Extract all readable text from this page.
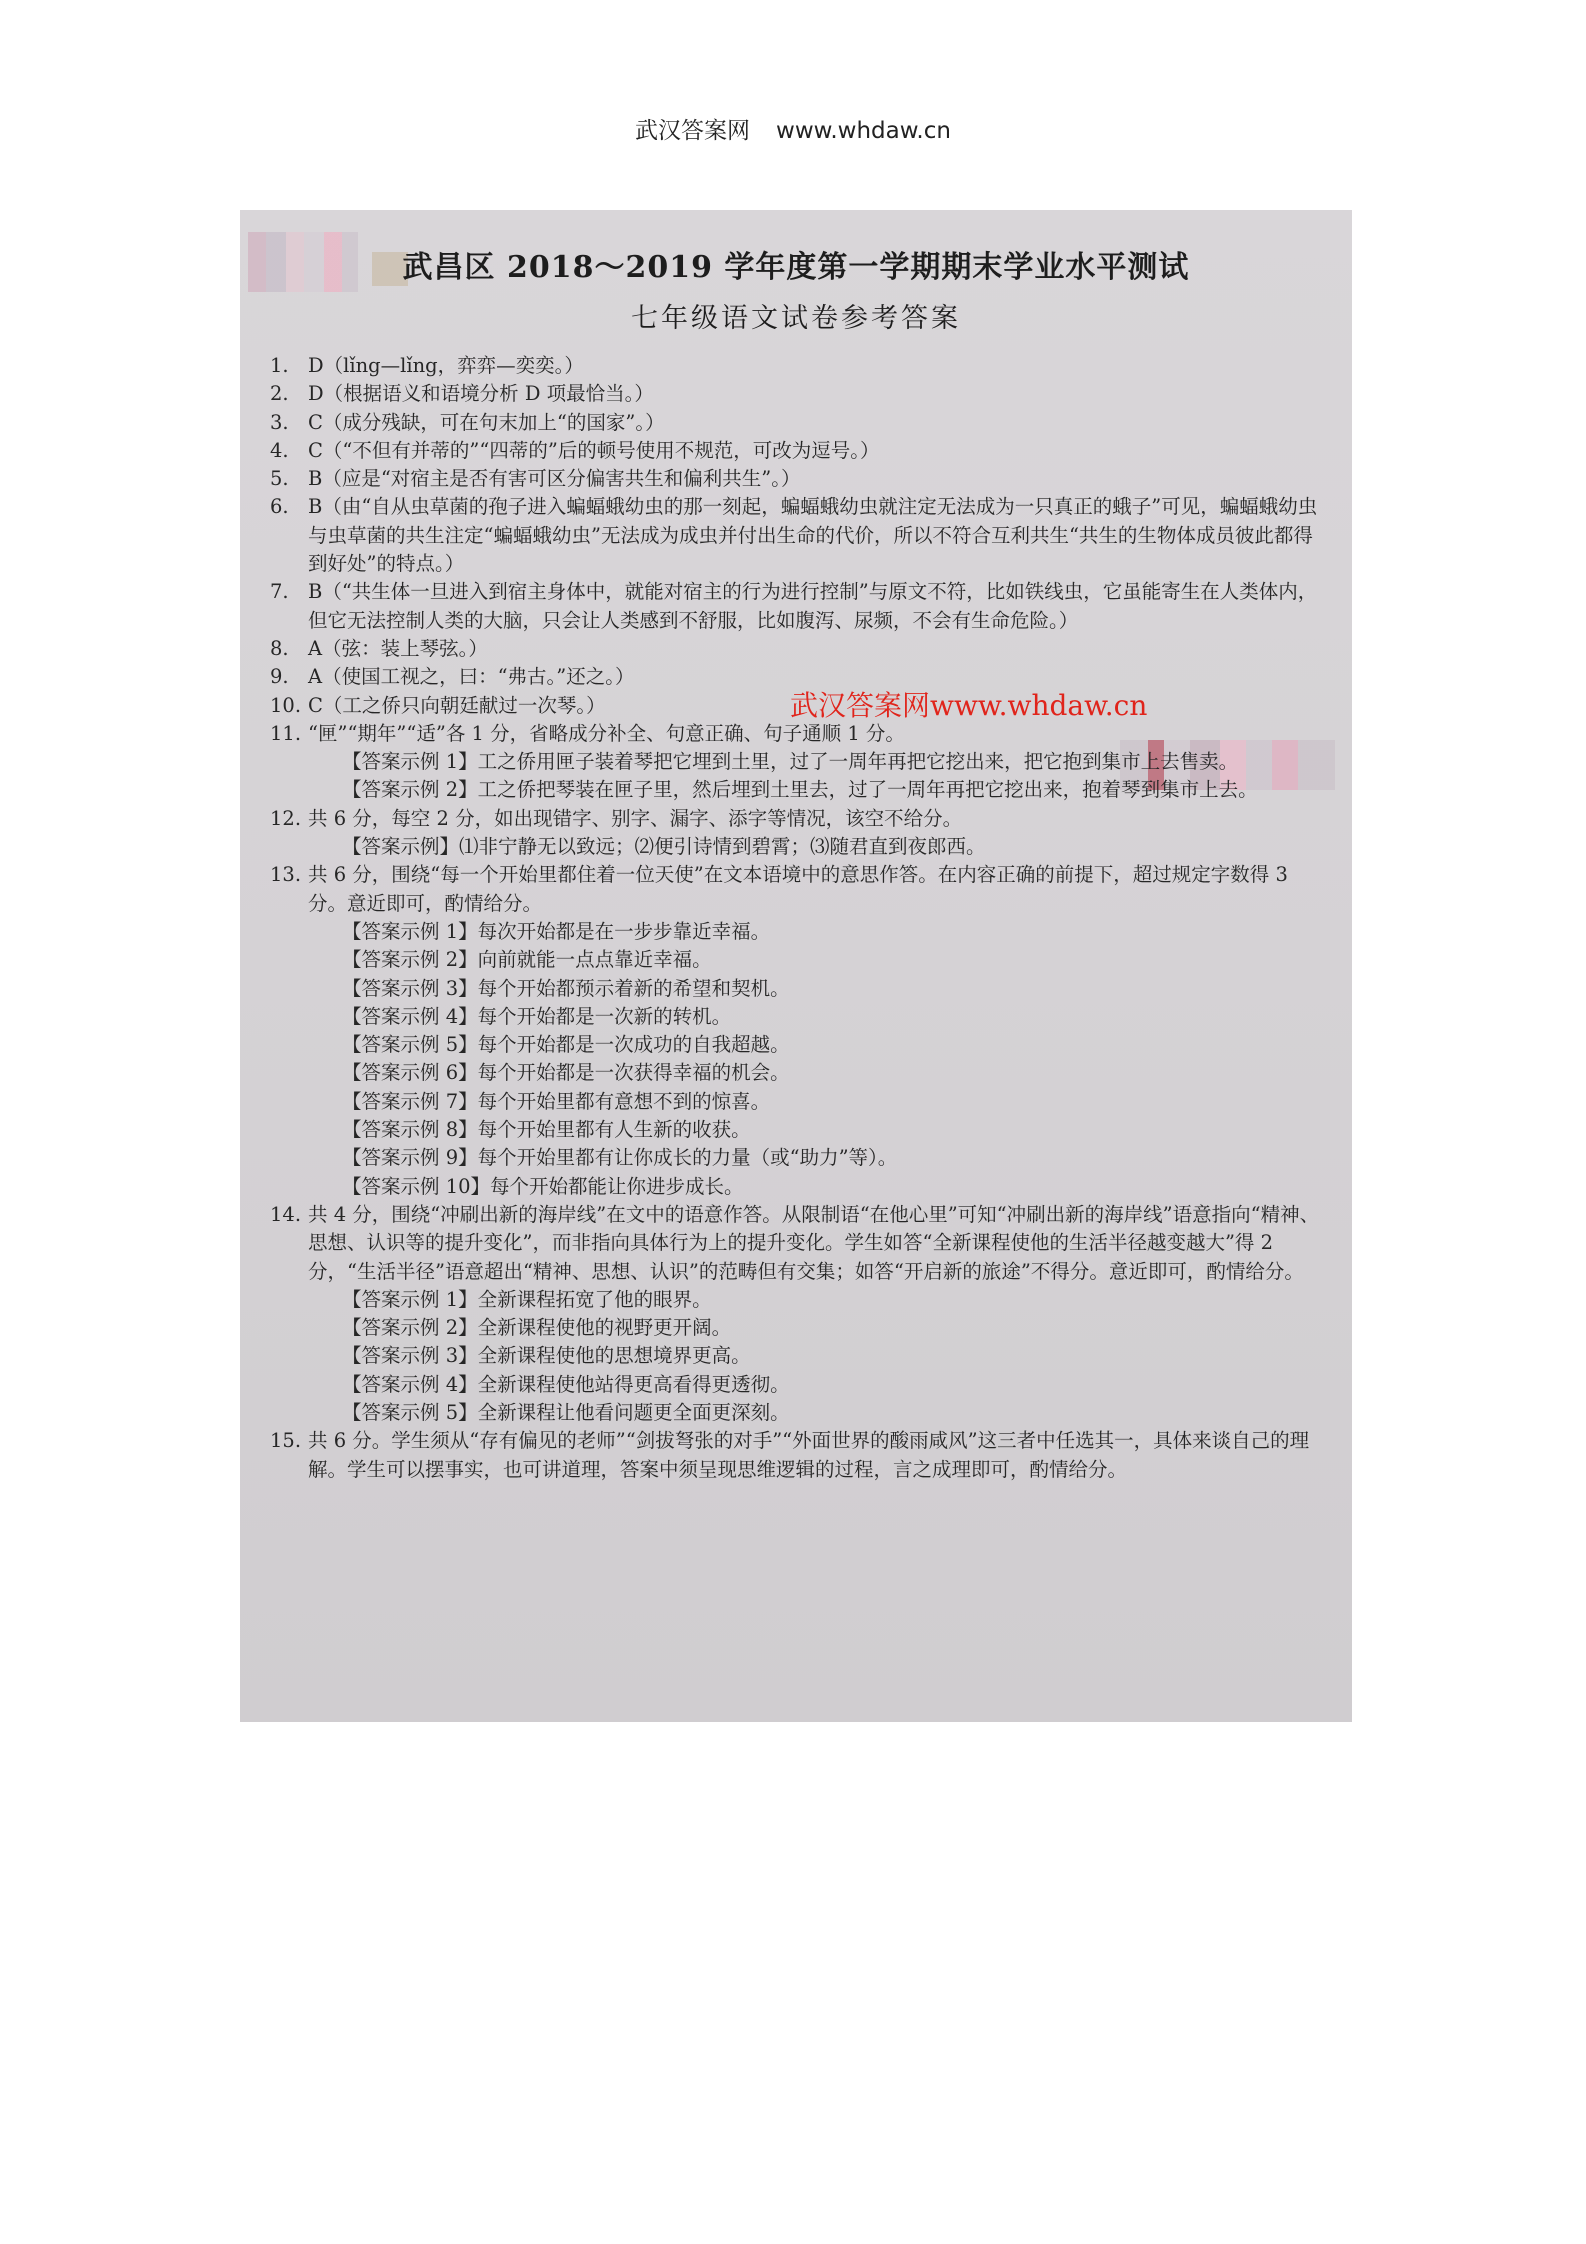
武汉答案网 www.whdaw.cn
武昌区 2018～2019 学年度第一学期期末学业水平测试
七年级语文试卷参考答案
1. D（lǐng—lǐng，弈弈—奕奕。）
2. D（根据语义和语境分析 D 项最恰当。）
3. C（成分残缺，可在句末加上“的国家”。）
4. C（“不但有并蒂的”“四蒂的”后的顿号使用不规范，可改为逗号。）
5. B（应是“对宿主是否有害可区分偏害共生和偏利共生”。）
6. B（由“自从虫草菌的孢子进入蝙蝠蛾幼虫的那一刻起，蝙蝠蛾幼虫就注定无法成为一只真正的蛾子”可见，蝙蝠蛾幼虫与虫草菌的共生注定“蝙蝠蛾幼虫”无法成为成虫并付出生命的代价，所以不符合互利共生“共生的生物体成员彼此都得到好处”的特点。）
7. B（“共生体一旦进入到宿主身体中，就能对宿主的行为进行控制”与原文不符，比如铁线虫，它虽能寄生在人类体内，但它无法控制人类的大脑，只会让人类感到不舒服，比如腹泻、尿频，不会有生命危险。）
8. A（弦：装上琴弦。）
9. A（使国工视之，曰：“弗古。”还之。）
10. C（工之侨只向朝廷献过一次琴。）
11. “匣”“期年”“适”各 1 分，省略成分补全、句意正确、句子通顺 1 分。
【答案示例 1】工之侨用匣子装着琴把它埋到土里，过了一周年再把它挖出来，把它抱到集市上去售卖。
【答案示例 2】工之侨把琴装在匣子里，然后埋到土里去，过了一周年再把它挖出来，抱着琴到集市上去。
12. 共 6 分，每空 2 分，如出现错字、别字、漏字、添字等情况，该空不给分。
【答案示例】⑴非宁静无以致远；⑵便引诗情到碧霄；⑶随君直到夜郎西。
13. 共 6 分，围绕“每一个开始里都住着一位天使”在文本语境中的意思作答。在内容正确的前提下，超过规定字数得 3 分。意近即可，酌情给分。
【答案示例 1】每次开始都是在一步步靠近幸福。
【答案示例 2】向前就能一点点靠近幸福。
【答案示例 3】每个开始都预示着新的希望和契机。
【答案示例 4】每个开始都是一次新的转机。
【答案示例 5】每个开始都是一次成功的自我超越。
【答案示例 6】每个开始都是一次获得幸福的机会。
【答案示例 7】每个开始里都有意想不到的惊喜。
【答案示例 8】每个开始里都有人生新的收获。
【答案示例 9】每个开始里都有让你成长的力量（或“助力”等）。
【答案示例 10】每个开始都能让你进步成长。
14. 共 4 分，围绕“冲刷出新的海岸线”在文中的语意作答。从限制语“在他心里”可知“冲刷出新的海岸线”语意指向“精神、思想、认识等的提升变化”，而非指向具体行为上的提升变化。学生如答“全新课程使他的生活半径越变越大”得 2 分，“生活半径”语意超出“精神、思想、认识”的范畴但有交集；如答“开启新的旅途”不得分。意近即可，酌情给分。
【答案示例 1】全新课程拓宽了他的眼界。
【答案示例 2】全新课程使他的视野更开阔。
【答案示例 3】全新课程使他的思想境界更高。
【答案示例 4】全新课程使他站得更高看得更透彻。
【答案示例 5】全新课程让他看问题更全面更深刻。
15. 共 6 分。学生须从“存有偏见的老师”“剑拔弩张的对手”“外面世界的酸雨咸风”这三者中任选其一，具体来谈自己的理解。学生可以摆事实，也可讲道理，答案中须呈现思维逻辑的过程，言之成理即可，酌情给分。
武汉答案网www.whdaw.cn
